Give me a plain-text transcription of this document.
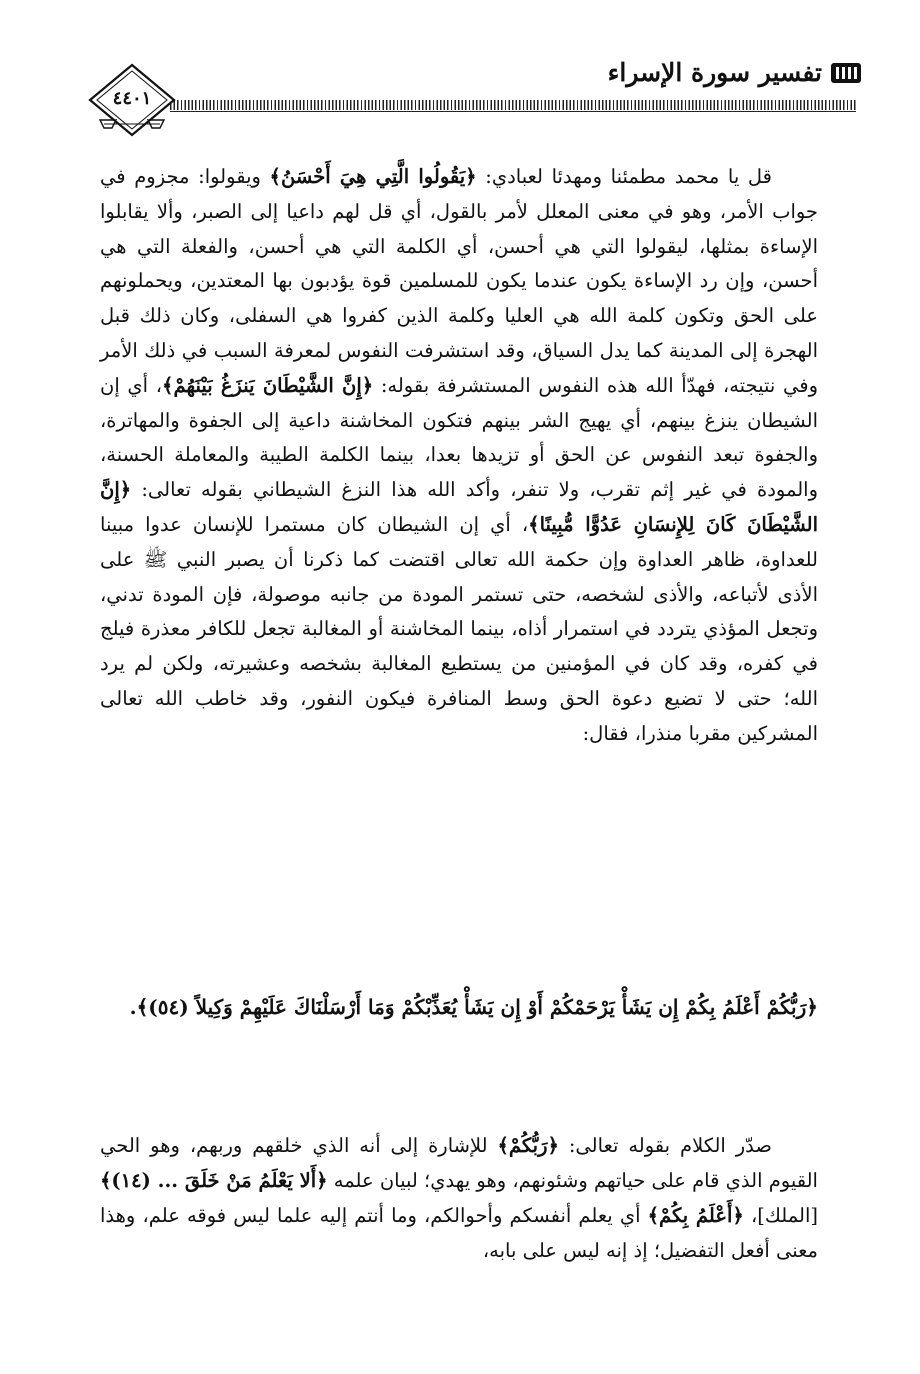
تفسير سورة الإسراء
٤٤٠١

قل يا محمد مطمئنا ومهدئا لعبادي: ﴿يَقُولُوا الَّتِي هِيَ أَحْسَنُ﴾ ويقولوا: مجزوم في جواب الأمر، وهو في معنى المعلل لأمر بالقول، أي قل لهم داعيا إلى الصبر، وألا يقابلوا الإساءة بمثلها، ليقولوا التي هي أحسن، أي الكلمة التي هي أحسن، والفعلة التي هي أحسن، وإن رد الإساءة يكون عندما يكون للمسلمين قوة يؤدبون بها المعتدين، ويحملونهم على الحق وتكون كلمة الله هي العليا وكلمة الذين كفروا هي السفلى، وكان ذلك قبل الهجرة إلى المدينة كما يدل السياق، وقد استشرفت النفوس لمعرفة السبب في ذلك الأمر وفي نتيجته، فهدّأ الله هذه النفوس المستشرفة بقوله: ﴿إِنَّ الشَّيْطَانَ يَنزَغُ بَيْنَهُمْ﴾، أي إن الشيطان ينزغ بينهم، أي يهيج الشر بينهم فتكون المخاشنة داعية إلى الجفوة والمهاترة، والجفوة تبعد النفوس عن الحق أو تزيدها بعدا، بينما الكلمة الطيبة والمعاملة الحسنة، والمودة في غير إثم تقرب، ولا تنفر، وأكد الله هذا النزغ الشيطاني بقوله تعالى: ﴿إِنَّ الشَّيْطَانَ كَانَ لِلإِنسَانِ عَدُوًّا مُّبِينًا﴾، أي إن الشيطان كان مستمرا للإنسان عدوا مبينا للعداوة، ظاهر العداوة وإن حكمة الله تعالى اقتضت كما ذكرنا أن يصبر النبي ﷺ على الأذى لأتباعه، والأذى لشخصه، حتى تستمر المودة من جانبه موصولة، فإن المودة تدني، وتجعل المؤذي يتردد في استمرار أذاه، بينما المخاشنة أو المغالبة تجعل للكافر معذرة فيلج في كفره، وقد كان في المؤمنين من يستطيع المغالبة بشخصه وعشيرته، ولكن لم يرد الله؛ حتى لا تضيع دعوة الحق وسط المنافرة فيكون النفور، وقد خاطب الله تعالى المشركين مقربا منذرا، فقال:

﴿رَبُّكُمْ أَعْلَمُ بِكُمْ إِن يَشَأْ يَرْحَمْكُمْ أَوْ إِن يَشَأْ يُعَذِّبْكُمْ وَمَا أَرْسَلْنَاكَ عَلَيْهِمْ وَكِيلاً (٥٤)﴾.

صدّر الكلام بقوله تعالى: ﴿رَبُّكُمْ﴾ للإشارة إلى أنه الذي خلقهم وربهم، وهو الحي القيوم الذي قام على حياتهم وشئونهم، وهو يهدي؛ لبيان علمه ﴿أَلا يَعْلَمُ مَنْ خَلَقَ ... (١٤)﴾ [الملك]، ﴿أَعْلَمُ بِكُمْ﴾ أي يعلم أنفسكم وأحوالكم، وما أنتم إليه علما ليس فوقه علم، وهذا معنى أفعل التفضيل؛ إذ إنه ليس على بابه،
